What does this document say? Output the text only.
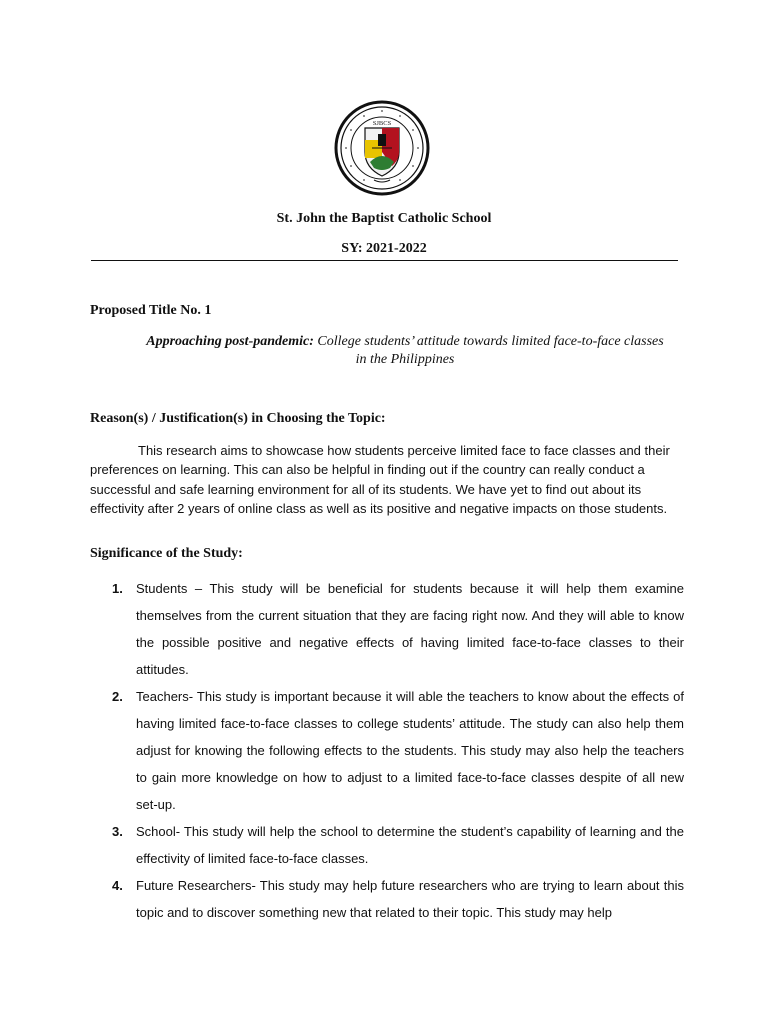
SJBCS
St. John the Baptist Catholic School
SY: 2021-2022
Proposed Title No. 1
Approaching post-pandemic: College students’ attitude towards limited face-to-face classes in the Philippines
Reason(s) / Justification(s) in Choosing the Topic:
This research aims to showcase how students perceive limited face to face classes and their preferences on learning. This can also be helpful in finding out if the country can really conduct a successful and safe learning environment for all of its students. We have yet to find out about its effectivity after 2 years of online class as well as its positive and negative impacts on those students.
Significance of the Study:
1. Students – This study will be beneficial for students because it will help them examine themselves from the current situation that they are facing right now. And they will able to know the possible positive and negative effects of having limited face-to-face classes to their attitudes.
2. Teachers- This study is important because it will able the teachers to know about the effects of having limited face-to-face classes to college students’ attitude. The study can also help them adjust for knowing the following effects to the students. This study may also help the teachers to gain more knowledge on how to adjust to a limited face-to-face classes despite of all new set-up.
3. School- This study will help the school to determine the student’s capability of learning and the effectivity of limited face-to-face classes.
4. Future Researchers- This study may help future researchers who are trying to learn about this topic and to discover something new that related to their topic. This study may help
